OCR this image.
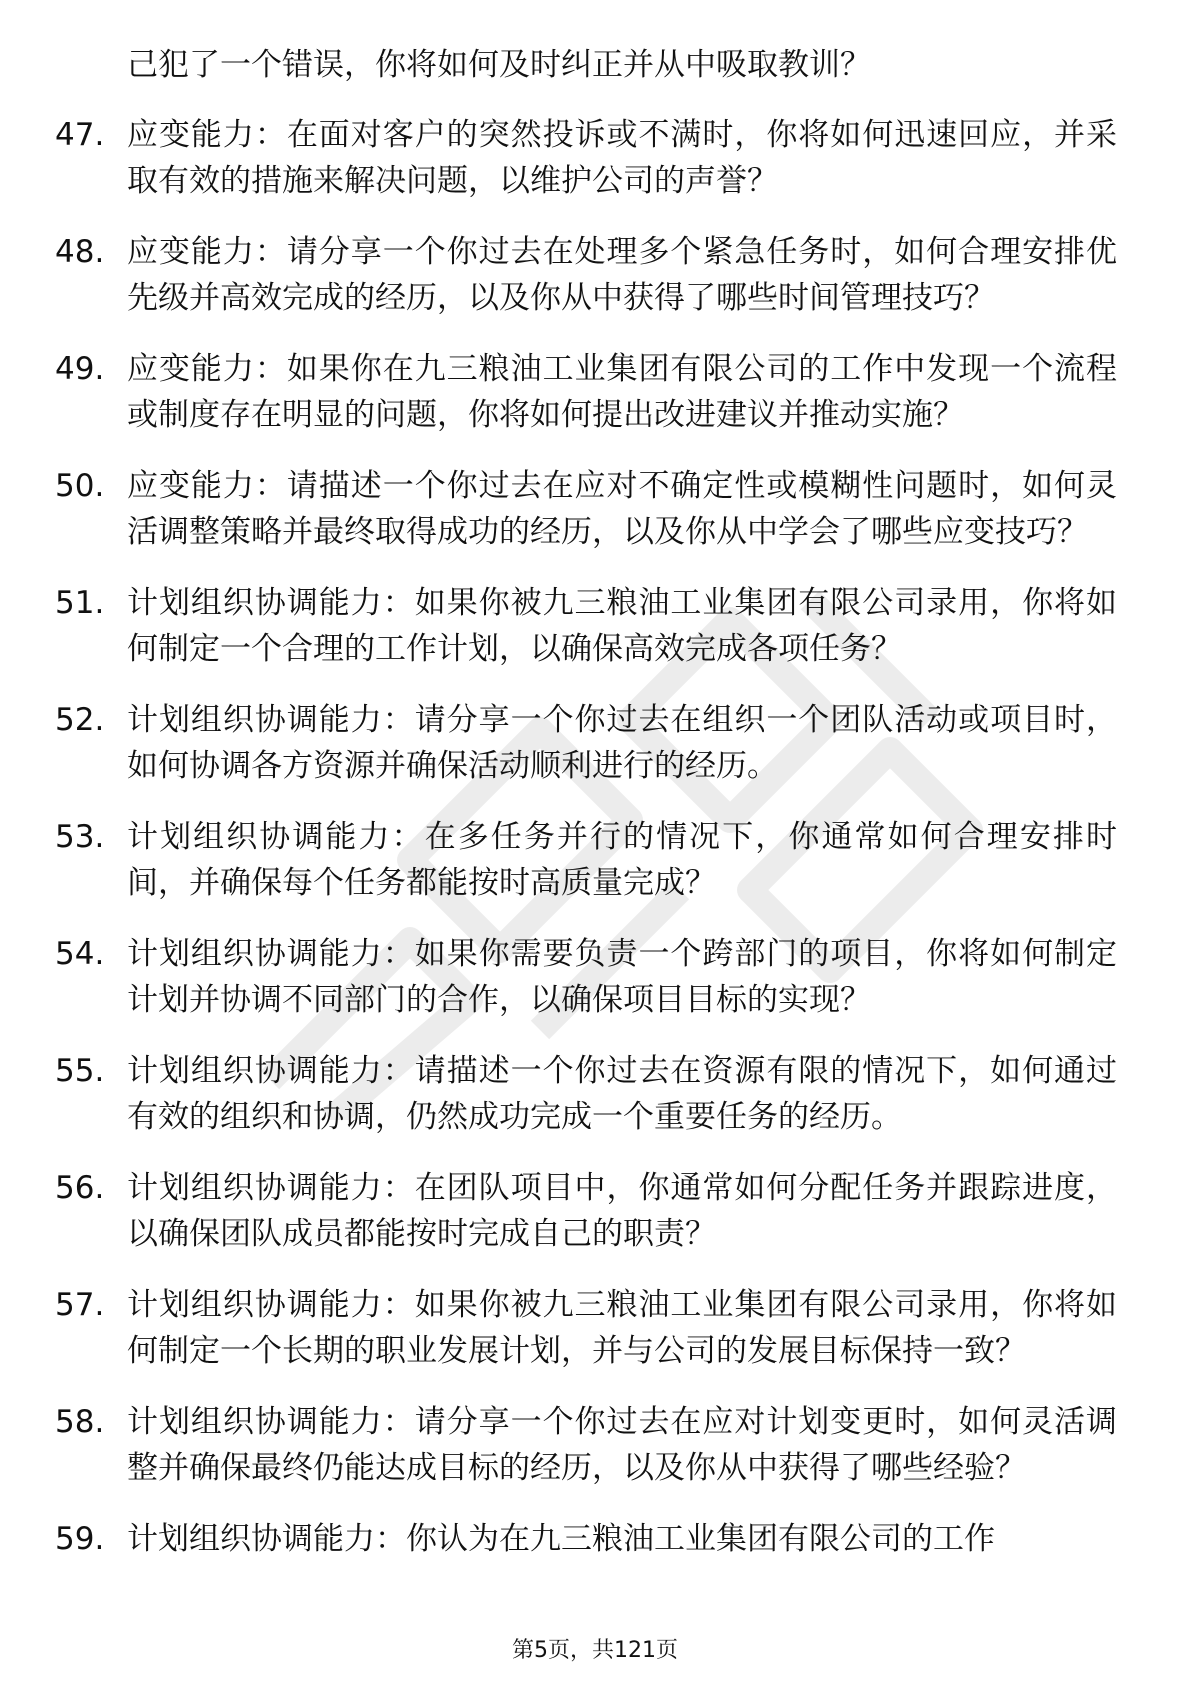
己犯了一个错误，你将如何及时纠正并从中吸取教训？
47. 应变能力：在面对客户的突然投诉或不满时，你将如何迅速回应，并采取有效的措施来解决问题，以维护公司的声誉？
48. 应变能力：请分享一个你过去在处理多个紧急任务时，如何合理安排优先级并高效完成的经历，以及你从中获得了哪些时间管理技巧？
49. 应变能力：如果你在九三粮油工业集团有限公司的工作中发现一个流程或制度存在明显的问题，你将如何提出改进建议并推动实施？
50. 应变能力：请描述一个你过去在应对不确定性或模糊性问题时，如何灵活调整策略并最终取得成功的经历，以及你从中学会了哪些应变技巧？
51. 计划组织协调能力：如果你被九三粮油工业集团有限公司录用，你将如何制定一个合理的工作计划，以确保高效完成各项任务？
52. 计划组织协调能力：请分享一个你过去在组织一个团队活动或项目时，如何协调各方资源并确保活动顺利进行的经历。
53. 计划组织协调能力：在多任务并行的情况下，你通常如何合理安排时间，并确保每个任务都能按时高质量完成？
54. 计划组织协调能力：如果你需要负责一个跨部门的项目，你将如何制定计划并协调不同部门的合作，以确保项目目标的实现？
55. 计划组织协调能力：请描述一个你过去在资源有限的情况下，如何通过有效的组织和协调，仍然成功完成一个重要任务的经历。
56. 计划组织协调能力：在团队项目中，你通常如何分配任务并跟踪进度，以确保团队成员都能按时完成自己的职责？
57. 计划组织协调能力：如果你被九三粮油工业集团有限公司录用，你将如何制定一个长期的职业发展计划，并与公司的发展目标保持一致？
58. 计划组织协调能力：请分享一个你过去在应对计划变更时，如何灵活调整并确保最终仍能达成目标的经历，以及你从中获得了哪些经验？
59. 计划组织协调能力：你认为在九三粮油工业集团有限公司的工作
第5页，共121页
